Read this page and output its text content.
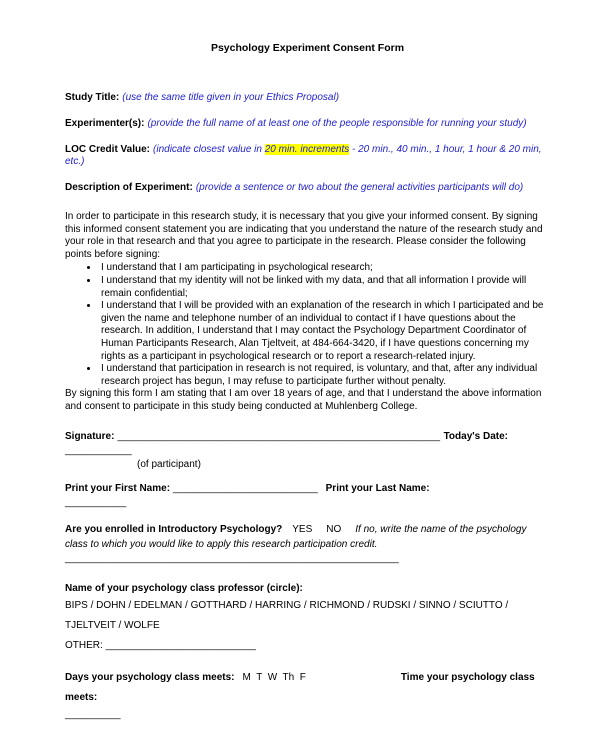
Psychology Experiment Consent Form

Study Title: (use the same title given in your Ethics Proposal)

Experimenter(s): (provide the full name of at least one of the people responsible for running your study)

LOC Credit Value: (indicate closest value in 20 min. increments - 20 min., 40 min., 1 hour, 1 hour & 20 min, etc.)

Description of Experiment: (provide a sentence or two about the general activities participants will do)

In order to participate in this research study, it is necessary that you give your informed consent. By signing this informed consent statement you are indicating that you understand the nature of the research study and your role in that research and that you agree to participate in the research. Please consider the following points before signing:

• I understand that I am participating in psychological research;
• I understand that my identity will not be linked with my data, and that all information I provide will remain confidential;
• I understand that I will be provided with an explanation of the research in which I participated and be given the name and telephone number of an individual to contact if I have questions about the research. In addition, I understand that I may contact the Psychology Department Coordinator of Human Participants Research, Alan Tjeltveit, at 484-664-3420, if I have questions concerning my rights as a participant in psychological research or to report a research-related injury.
• I understand that participation in research is not required, is voluntary, and that, after any individual research project has begun, I may refuse to participate further without penalty.

By signing this form I am stating that I am over 18 years of age, and that I understand the above information and consent to participate in this study being conducted at Muhlenberg College.

Signature: __________________________________________________________ Today's Date:
____________
(of participant)
Print your First Name: __________________________ Print your Last Name:
___________

Are you enrolled in Introductory Psychology? YES NO If no, write the name of the psychology class to which you would like to apply this research participation credit.

____________________________________________________________

Name of your psychology class professor (circle):

BIPS / DOHN / EDELMAN / GOTTHARD / HARRING / RICHMOND / RUDSKI / SINNO / SCIUTTO / TJELTVEIT / WOLFE
OTHER: ___________________________
Days your psychology class meets: M  T  W  Th  F	Time your psychology class meets:
__________
